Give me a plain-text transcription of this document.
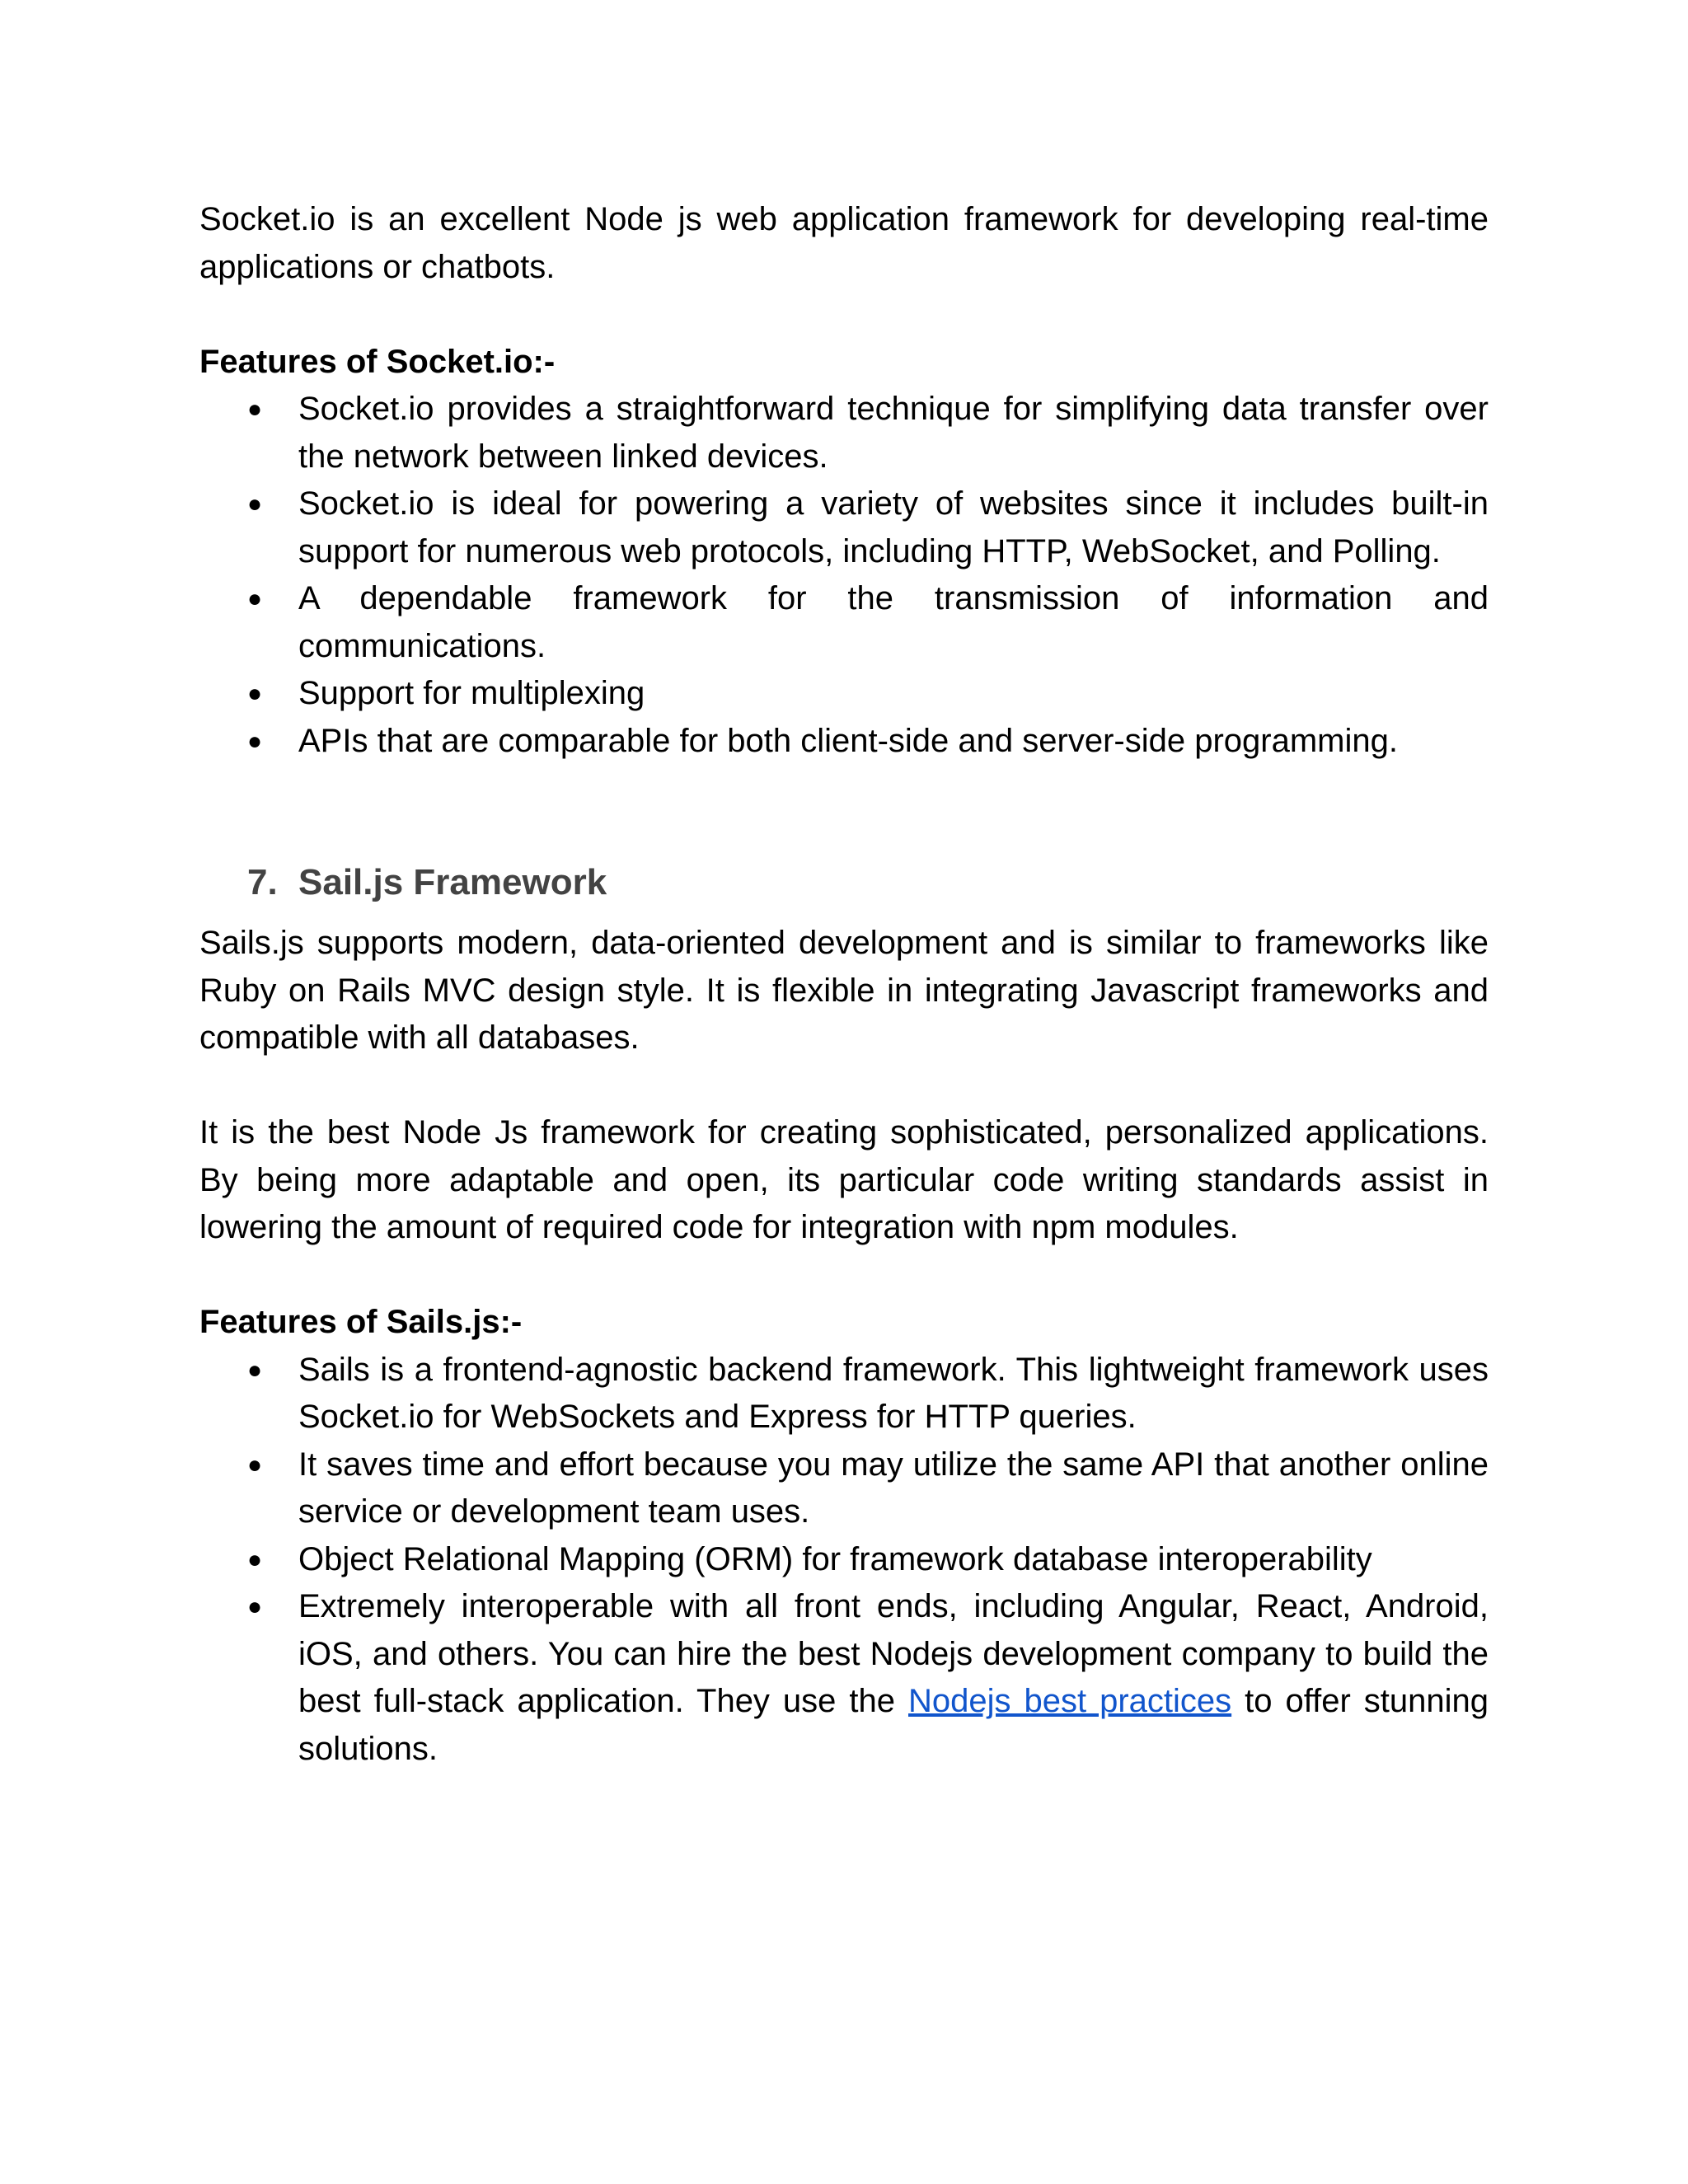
Socket.io is an excellent Node js web application framework for developing real-time applications or chatbots.

Features of Socket.io:-

● Socket.io provides a straightforward technique for simplifying data transfer over the network between linked devices.
● Socket.io is ideal for powering a variety of websites since it includes built-in support for numerous web protocols, including HTTP, WebSocket, and Polling.
● A dependable framework for the transmission of information and communications.
● Support for multiplexing
● APIs that are comparable for both client-side and server-side programming.
7. Sail.js Framework

Sails.js supports modern, data-oriented development and is similar to frameworks like Ruby on Rails MVC design style. It is flexible in integrating Javascript frameworks and compatible with all databases.

It is the best Node Js framework for creating sophisticated, personalized applications. By being more adaptable and open, its particular code writing standards assist in lowering the amount of required code for integration with npm modules.

Features of Sails.js:-

● Sails is a frontend-agnostic backend framework. This lightweight framework uses Socket.io for WebSockets and Express for HTTP queries.
● It saves time and effort because you may utilize the same API that another online service or development team uses.
● Object Relational Mapping (ORM) for framework database interoperability
● Extremely interoperable with all front ends, including Angular, React, Android, iOS, and others. You can hire the best Nodejs development company to build the best full-stack application. They use the Nodejs best practices to offer stunning solutions.
